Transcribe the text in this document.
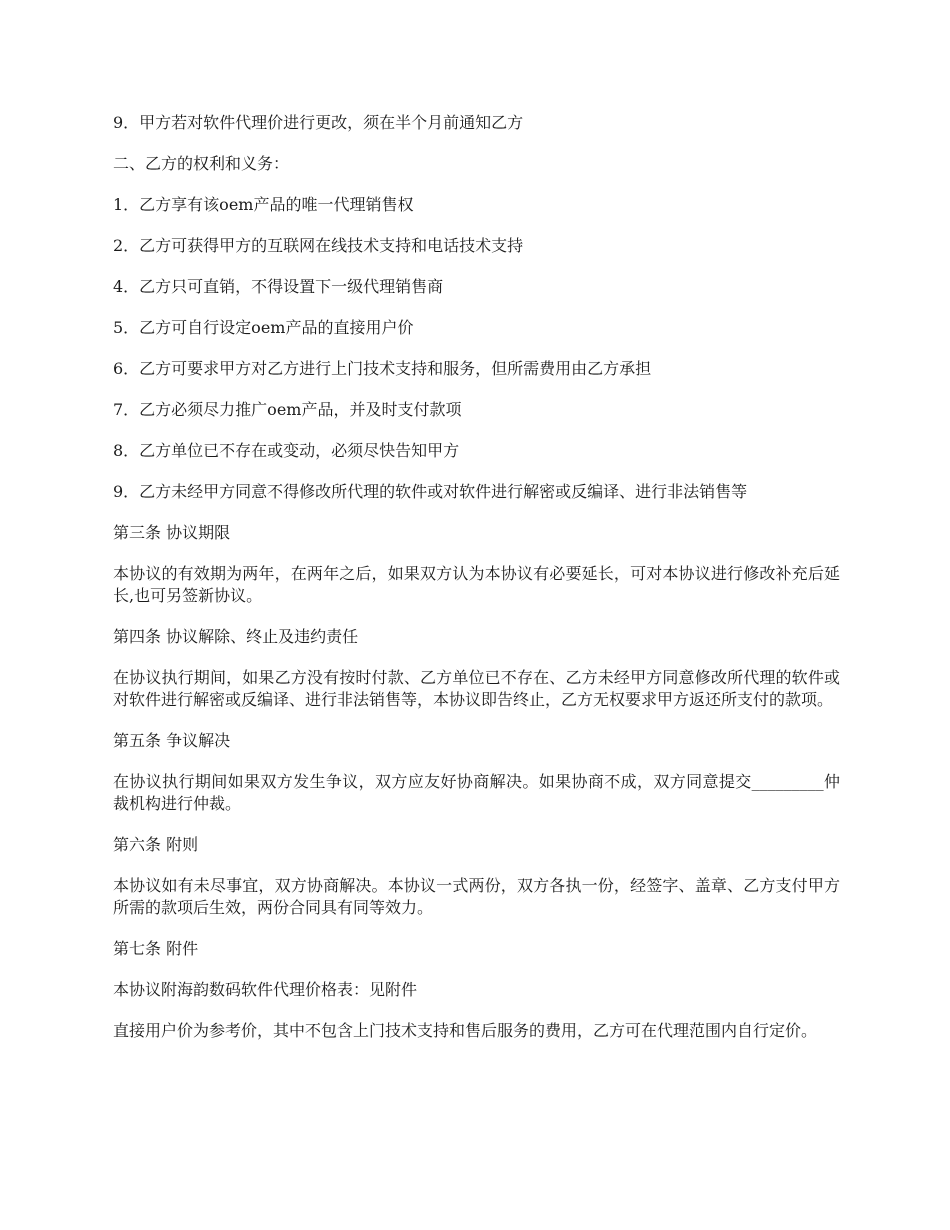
9．甲方若对软件代理价进行更改，须在半个月前通知乙方

二、乙方的权利和义务：

1．乙方享有该oem产品的唯一代理销售权

2．乙方可获得甲方的互联网在线技术支持和电话技术支持

4．乙方只可直销，不得设置下一级代理销售商

5．乙方可自行设定oem产品的直接用户价

6．乙方可要求甲方对乙方进行上门技术支持和服务，但所需费用由乙方承担

7．乙方必须尽力推广oem产品，并及时支付款项

8．乙方单位已不存在或变动，必须尽快告知甲方

9．乙方未经甲方同意不得修改所代理的软件或对软件进行解密或反编译、进行非法销售等

第三条 协议期限

本协议的有效期为两年，在两年之后，如果双方认为本协议有必要延长，可对本协议进行修改补充后延长,也可另签新协议。

第四条 协议解除、终止及违约责任

在协议执行期间，如果乙方没有按时付款、乙方单位已不存在、乙方未经甲方同意修改所代理的软件或对软件进行解密或反编译、进行非法销售等，本协议即告终止，乙方无权要求甲方返还所支付的款项。

第五条 争议解决

在协议执行期间如果双方发生争议，双方应友好协商解决。如果协商不成，双方同意提交_________仲裁机构进行仲裁。

第六条 附则

本协议如有未尽事宜，双方协商解决。本协议一式两份，双方各执一份，经签字、盖章、乙方支付甲方所需的款项后生效，两份合同具有同等效力。

第七条 附件

本协议附海韵数码软件代理价格表：见附件

直接用户价为参考价，其中不包含上门技术支持和售后服务的费用，乙方可在代理范围内自行定价。
